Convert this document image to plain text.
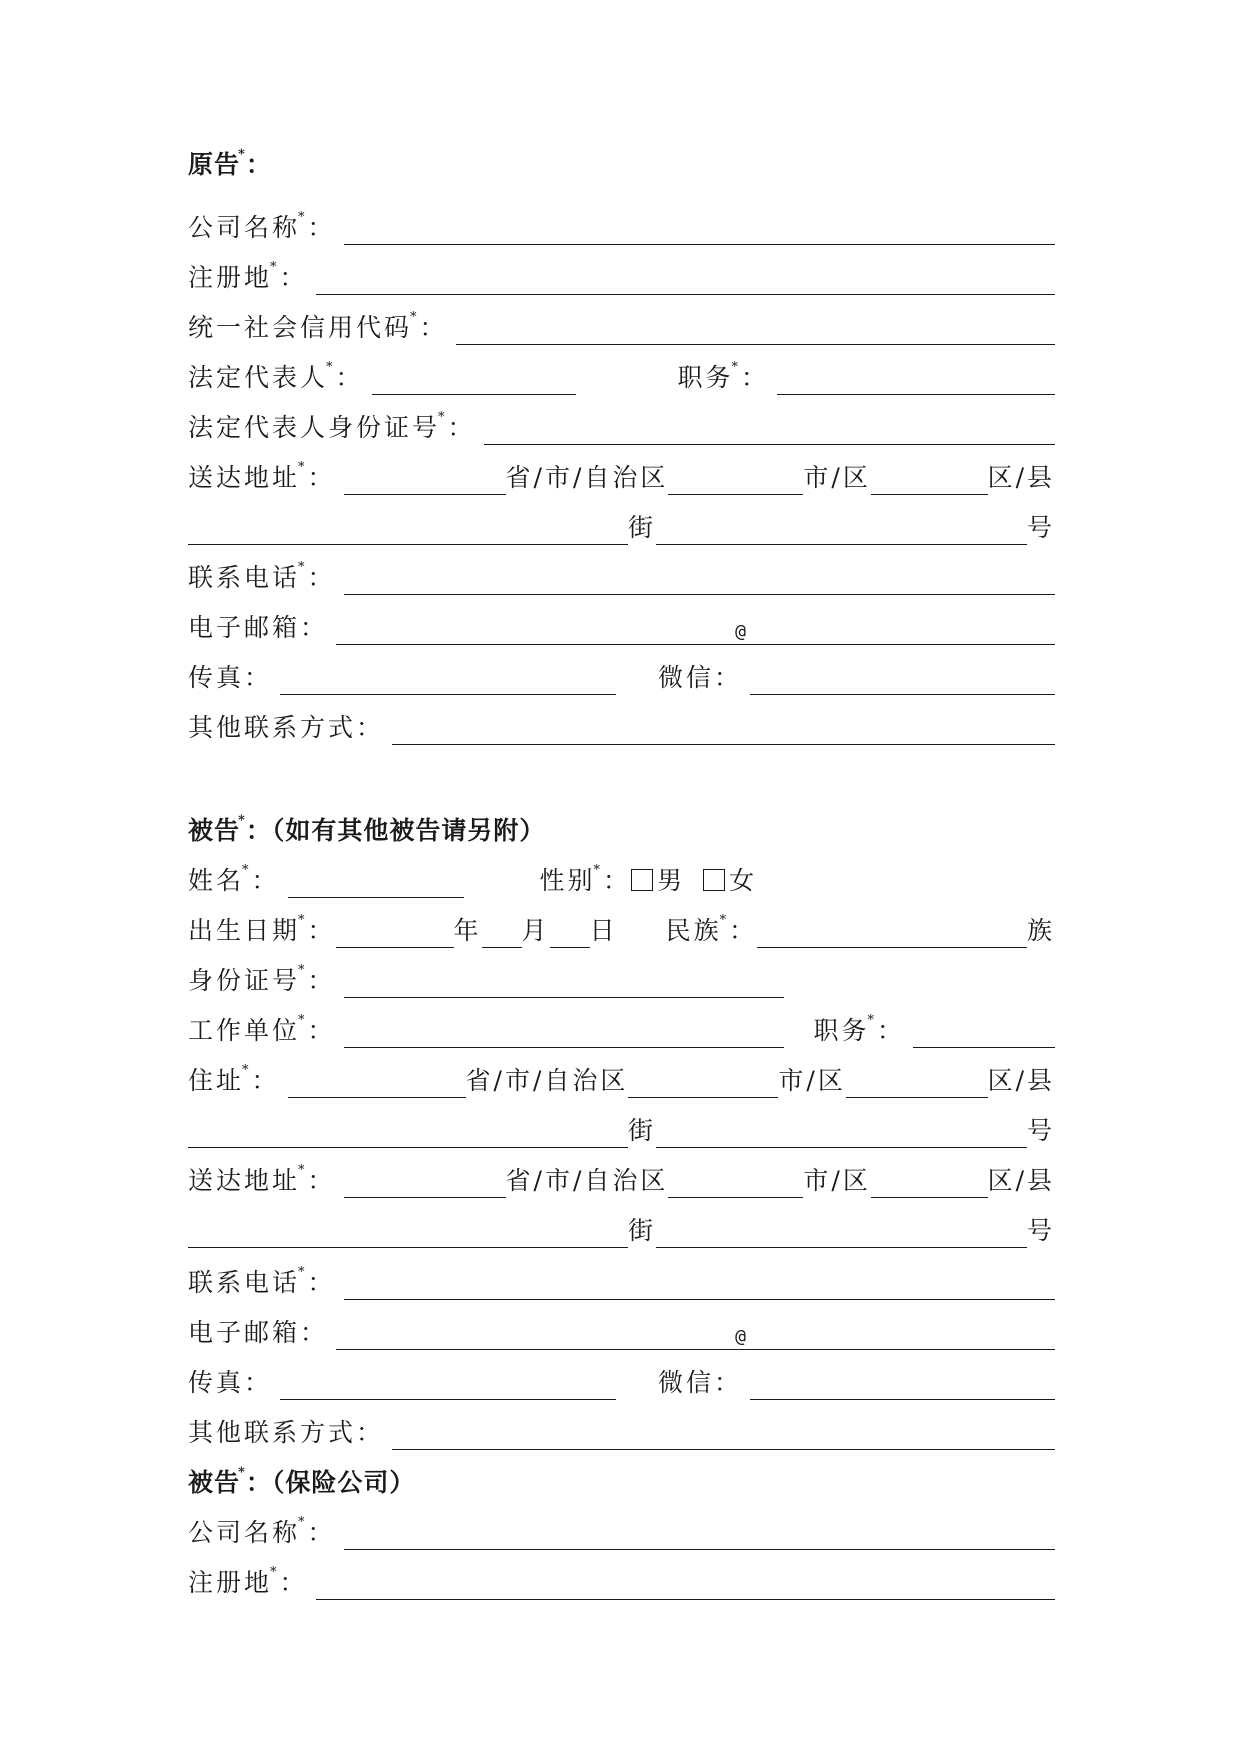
原告*：
公司名称*：
注册地*：
统一社会信用代码*：
法定代表人*：	职务*：
法定代表人身份证号*：
送达地址*：	省/市/自治区	市/区	区/县
街	号
联系电话*：
电子邮箱：	@
传真：	微信：
其他联系方式：
被告*：（如有其他被告请另附）
姓名*：	性别*：	男	女
出生日期*：	年 月 日 民族*：	族
身份证号*：
工作单位*：	职务*：
住址*：	省/市/自治区	市/区	区/县
街	号
送达地址*：	省/市/自治区	市/区	区/县
街	号
联系电话*：
电子邮箱：	@
传真：	微信：
其他联系方式：
被告*：（保险公司）
公司名称*：
注册地*：
